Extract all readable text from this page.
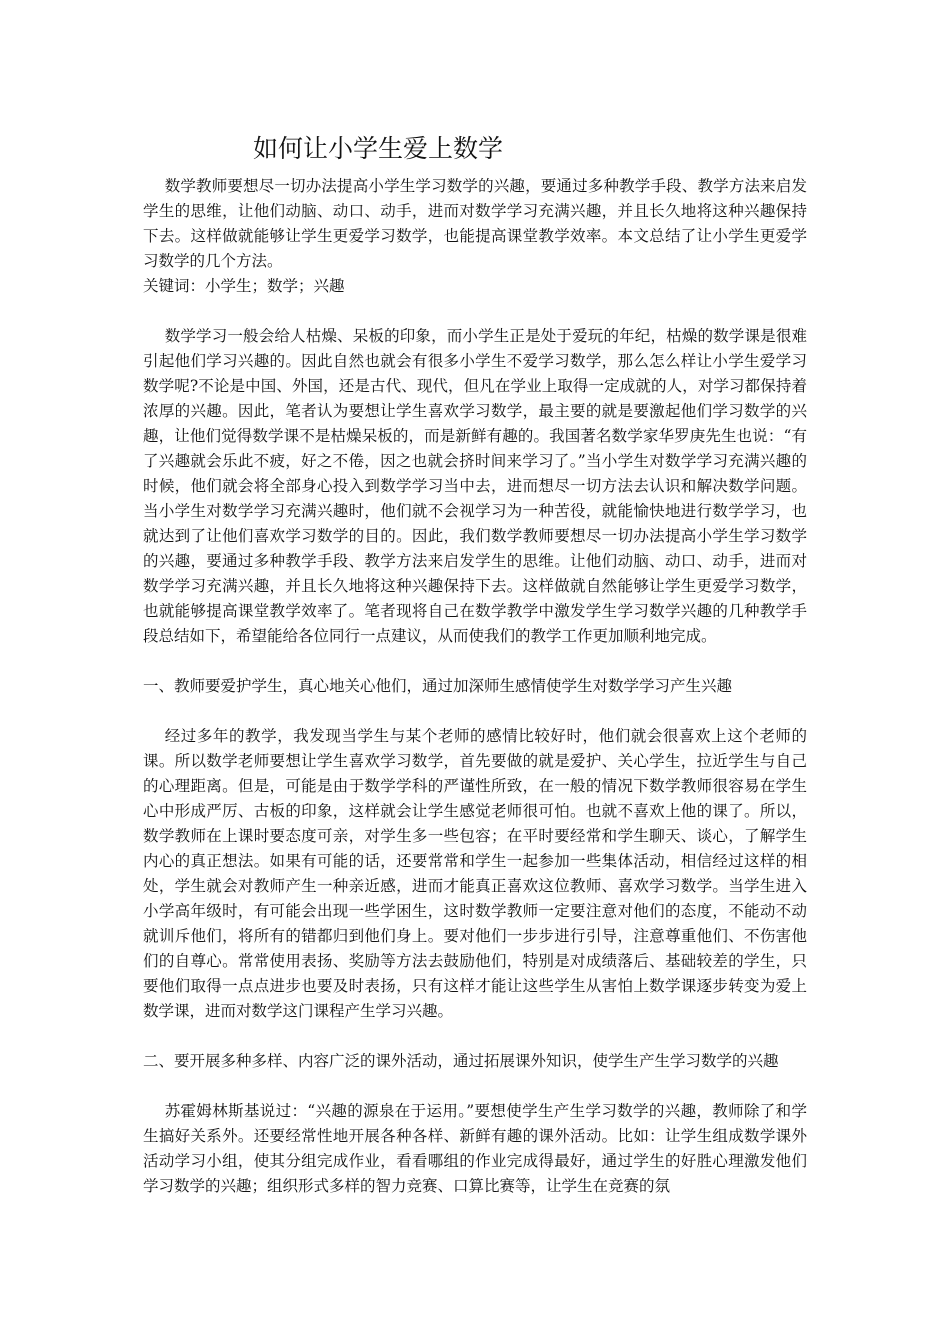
如何让小学生爱上数学

数学教师要想尽一切办法提高小学生学习数学的兴趣，要通过多种教学手段、教学方法来启发学生的思维，让他们动脑、动口、动手，进而对数学学习充满兴趣，并且长久地将这种兴趣保持下去。这样做就能够让学生更爱学习数学，也能提高课堂教学效率。本文总结了让小学生更爱学习数学的几个方法。

关键词：小学生；数学；兴趣

数学学习一般会给人枯燥、呆板的印象，而小学生正是处于爱玩的年纪，枯燥的数学课是很难引起他们学习兴趣的。因此自然也就会有很多小学生不爱学习数学，那么怎么样让小学生爱学习数学呢?不论是中国、外国，还是古代、现代，但凡在学业上取得一定成就的人，对学习都保持着浓厚的兴趣。因此，笔者认为要想让学生喜欢学习数学，最主要的就是要激起他们学习数学的兴趣，让他们觉得数学课不是枯燥呆板的，而是新鲜有趣的。我国著名数学家华罗庚先生也说：“有了兴趣就会乐此不疲，好之不倦，因之也就会挤时间来学习了。”当小学生对数学学习充满兴趣的时候，他们就会将全部身心投入到数学学习当中去，进而想尽一切方法去认识和解决数学问题。当小学生对数学学习充满兴趣时，他们就不会视学习为一种苦役，就能愉快地进行数学学习，也就达到了让他们喜欢学习数学的目的。因此，我们数学教师要想尽一切办法提高小学生学习数学的兴趣，要通过多种教学手段、教学方法来启发学生的思维。让他们动脑、动口、动手，进而对数学学习充满兴趣，并且长久地将这种兴趣保持下去。这样做就自然能够让学生更爱学习数学，也就能够提高课堂教学效率了。笔者现将自己在数学教学中激发学生学习数学兴趣的几种教学手段总结如下，希望能给各位同行一点建议，从而使我们的教学工作更加顺利地完成。

一、教师要爱护学生，真心地关心他们，通过加深师生感情使学生对数学学习产生兴趣

经过多年的教学，我发现当学生与某个老师的感情比较好时，他们就会很喜欢上这个老师的课。所以数学老师要想让学生喜欢学习数学，首先要做的就是爱护、关心学生，拉近学生与自己的心理距离。但是，可能是由于数学学科的严谨性所致，在一般的情况下数学教师很容易在学生心中形成严厉、古板的印象，这样就会让学生感觉老师很可怕。也就不喜欢上他的课了。所以，数学教师在上课时要态度可亲，对学生多一些包容；在平时要经常和学生聊天、谈心，了解学生内心的真正想法。如果有可能的话，还要常常和学生一起参加一些集体活动，相信经过这样的相处，学生就会对教师产生一种亲近感，进而才能真正喜欢这位教师、喜欢学习数学。当学生进入小学高年级时，有可能会出现一些学困生，这时数学教师一定要注意对他们的态度，不能动不动就训斥他们，将所有的错都归到他们身上。要对他们一步步进行引导，注意尊重他们、不伤害他们的自尊心。常常使用表扬、奖励等方法去鼓励他们，特别是对成绩落后、基础较差的学生，只要他们取得一点点进步也要及时表扬，只有这样才能让这些学生从害怕上数学课逐步转变为爱上数学课，进而对数学这门课程产生学习兴趣。

二、要开展多种多样、内容广泛的课外活动，通过拓展课外知识，使学生产生学习数学的兴趣

苏霍姆林斯基说过：“兴趣的源泉在于运用。”要想使学生产生学习数学的兴趣，教师除了和学生搞好关系外。还要经常性地开展各种各样、新鲜有趣的课外活动。比如：让学生组成数学课外活动学习小组，使其分组完成作业，看看哪组的作业完成得最好，通过学生的好胜心理激发他们学习数学的兴趣；组织形式多样的智力竞赛、口算比赛等，让学生在竞赛的氛
